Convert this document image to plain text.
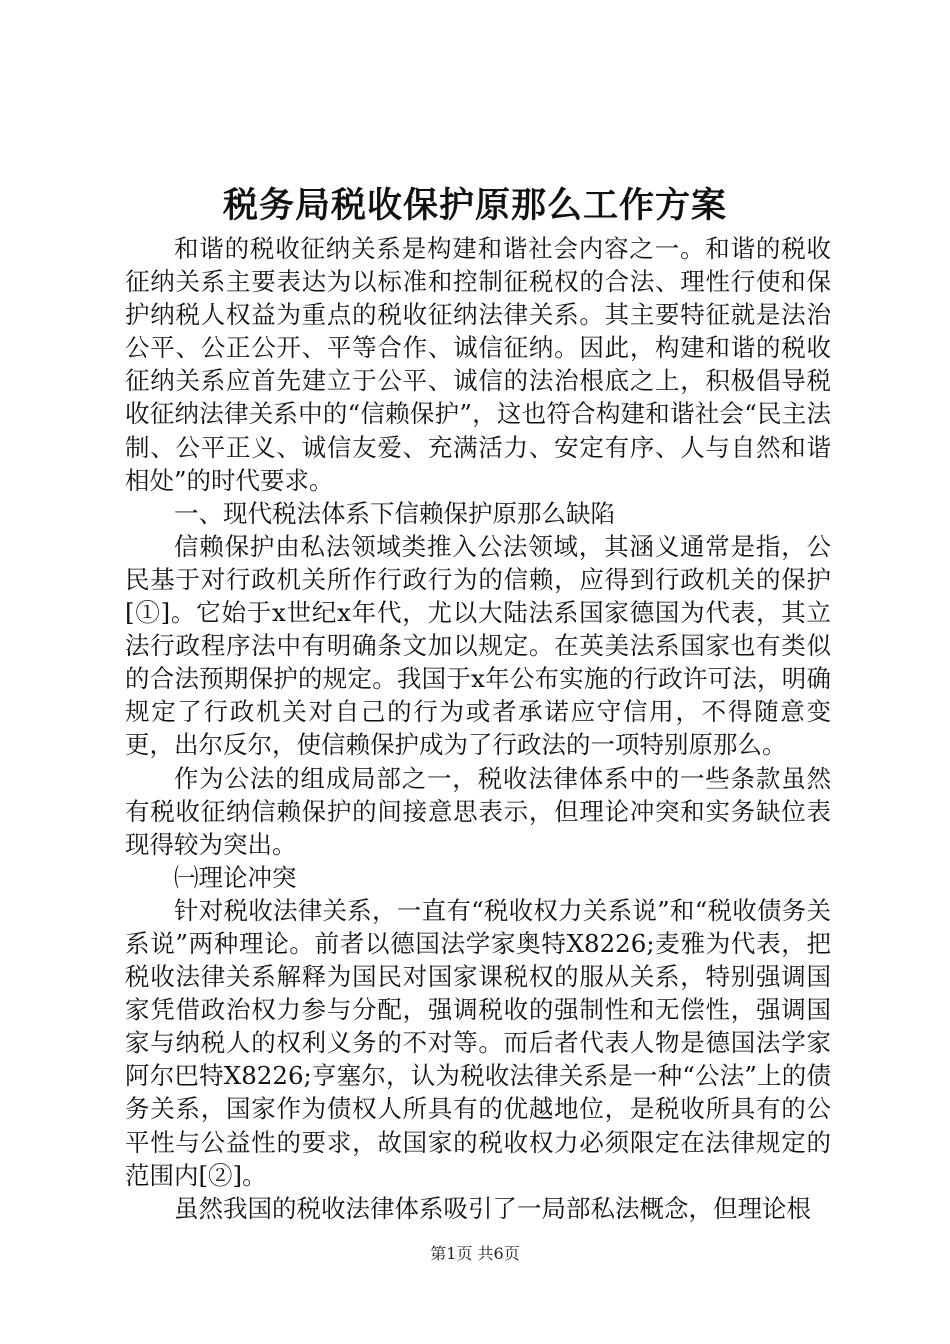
税务局税收保护原那么工作方案

和谐的税收征纳关系是构建和谐社会内容之一。和谐的税收征纳关系主要表达为以标准和控制征税权的合法、理性行使和保护纳税人权益为重点的税收征纳法律关系。其主要特征就是法治公平、公正公开、平等合作、诚信征纳。因此，构建和谐的税收征纳关系应首先建立于公平、诚信的法治根底之上，积极倡导税收征纳法律关系中的“信赖保护”，这也符合构建和谐社会“民主法制、公平正义、诚信友爱、充满活力、安定有序、人与自然和谐相处”的时代要求。

一、现代税法体系下信赖保护原那么缺陷

信赖保护由私法领域类推入公法领域，其涵义通常是指，公民基于对行政机关所作行政行为的信赖，应得到行政机关的保护[①]。它始于x世纪x年代，尤以大陆法系国家德国为代表，其立法行政程序法中有明确条文加以规定。在英美法系国家也有类似的合法预期保护的规定。我国于x年公布实施的行政许可法，明确规定了行政机关对自己的行为或者承诺应守信用，不得随意变更，出尔反尔，使信赖保护成为了行政法的一项特别原那么。

作为公法的组成局部之一，税收法律体系中的一些条款虽然有税收征纳信赖保护的间接意思表示，但理论冲突和实务缺位表现得较为突出。

㈠理论冲突

针对税收法律关系，一直有“税收权力关系说”和“税收债务关系说”两种理论。前者以德国法学家奥特X8226;麦雅为代表，把税收法律关系解释为国民对国家课税权的服从关系，特别强调国家凭借政治权力参与分配，强调税收的强制性和无偿性，强调国家与纳税人的权利义务的不对等。而后者代表人物是德国法学家阿尔巴特X8226;亨塞尔，认为税收法律关系是一种“公法”上的债务关系，国家作为债权人所具有的优越地位，是税收所具有的公平性与公益性的要求，故国家的税收权力必须限定在法律规定的范围内[②]。

虽然我国的税收法律体系吸引了一局部私法概念，但理论根

第1页 共6页
